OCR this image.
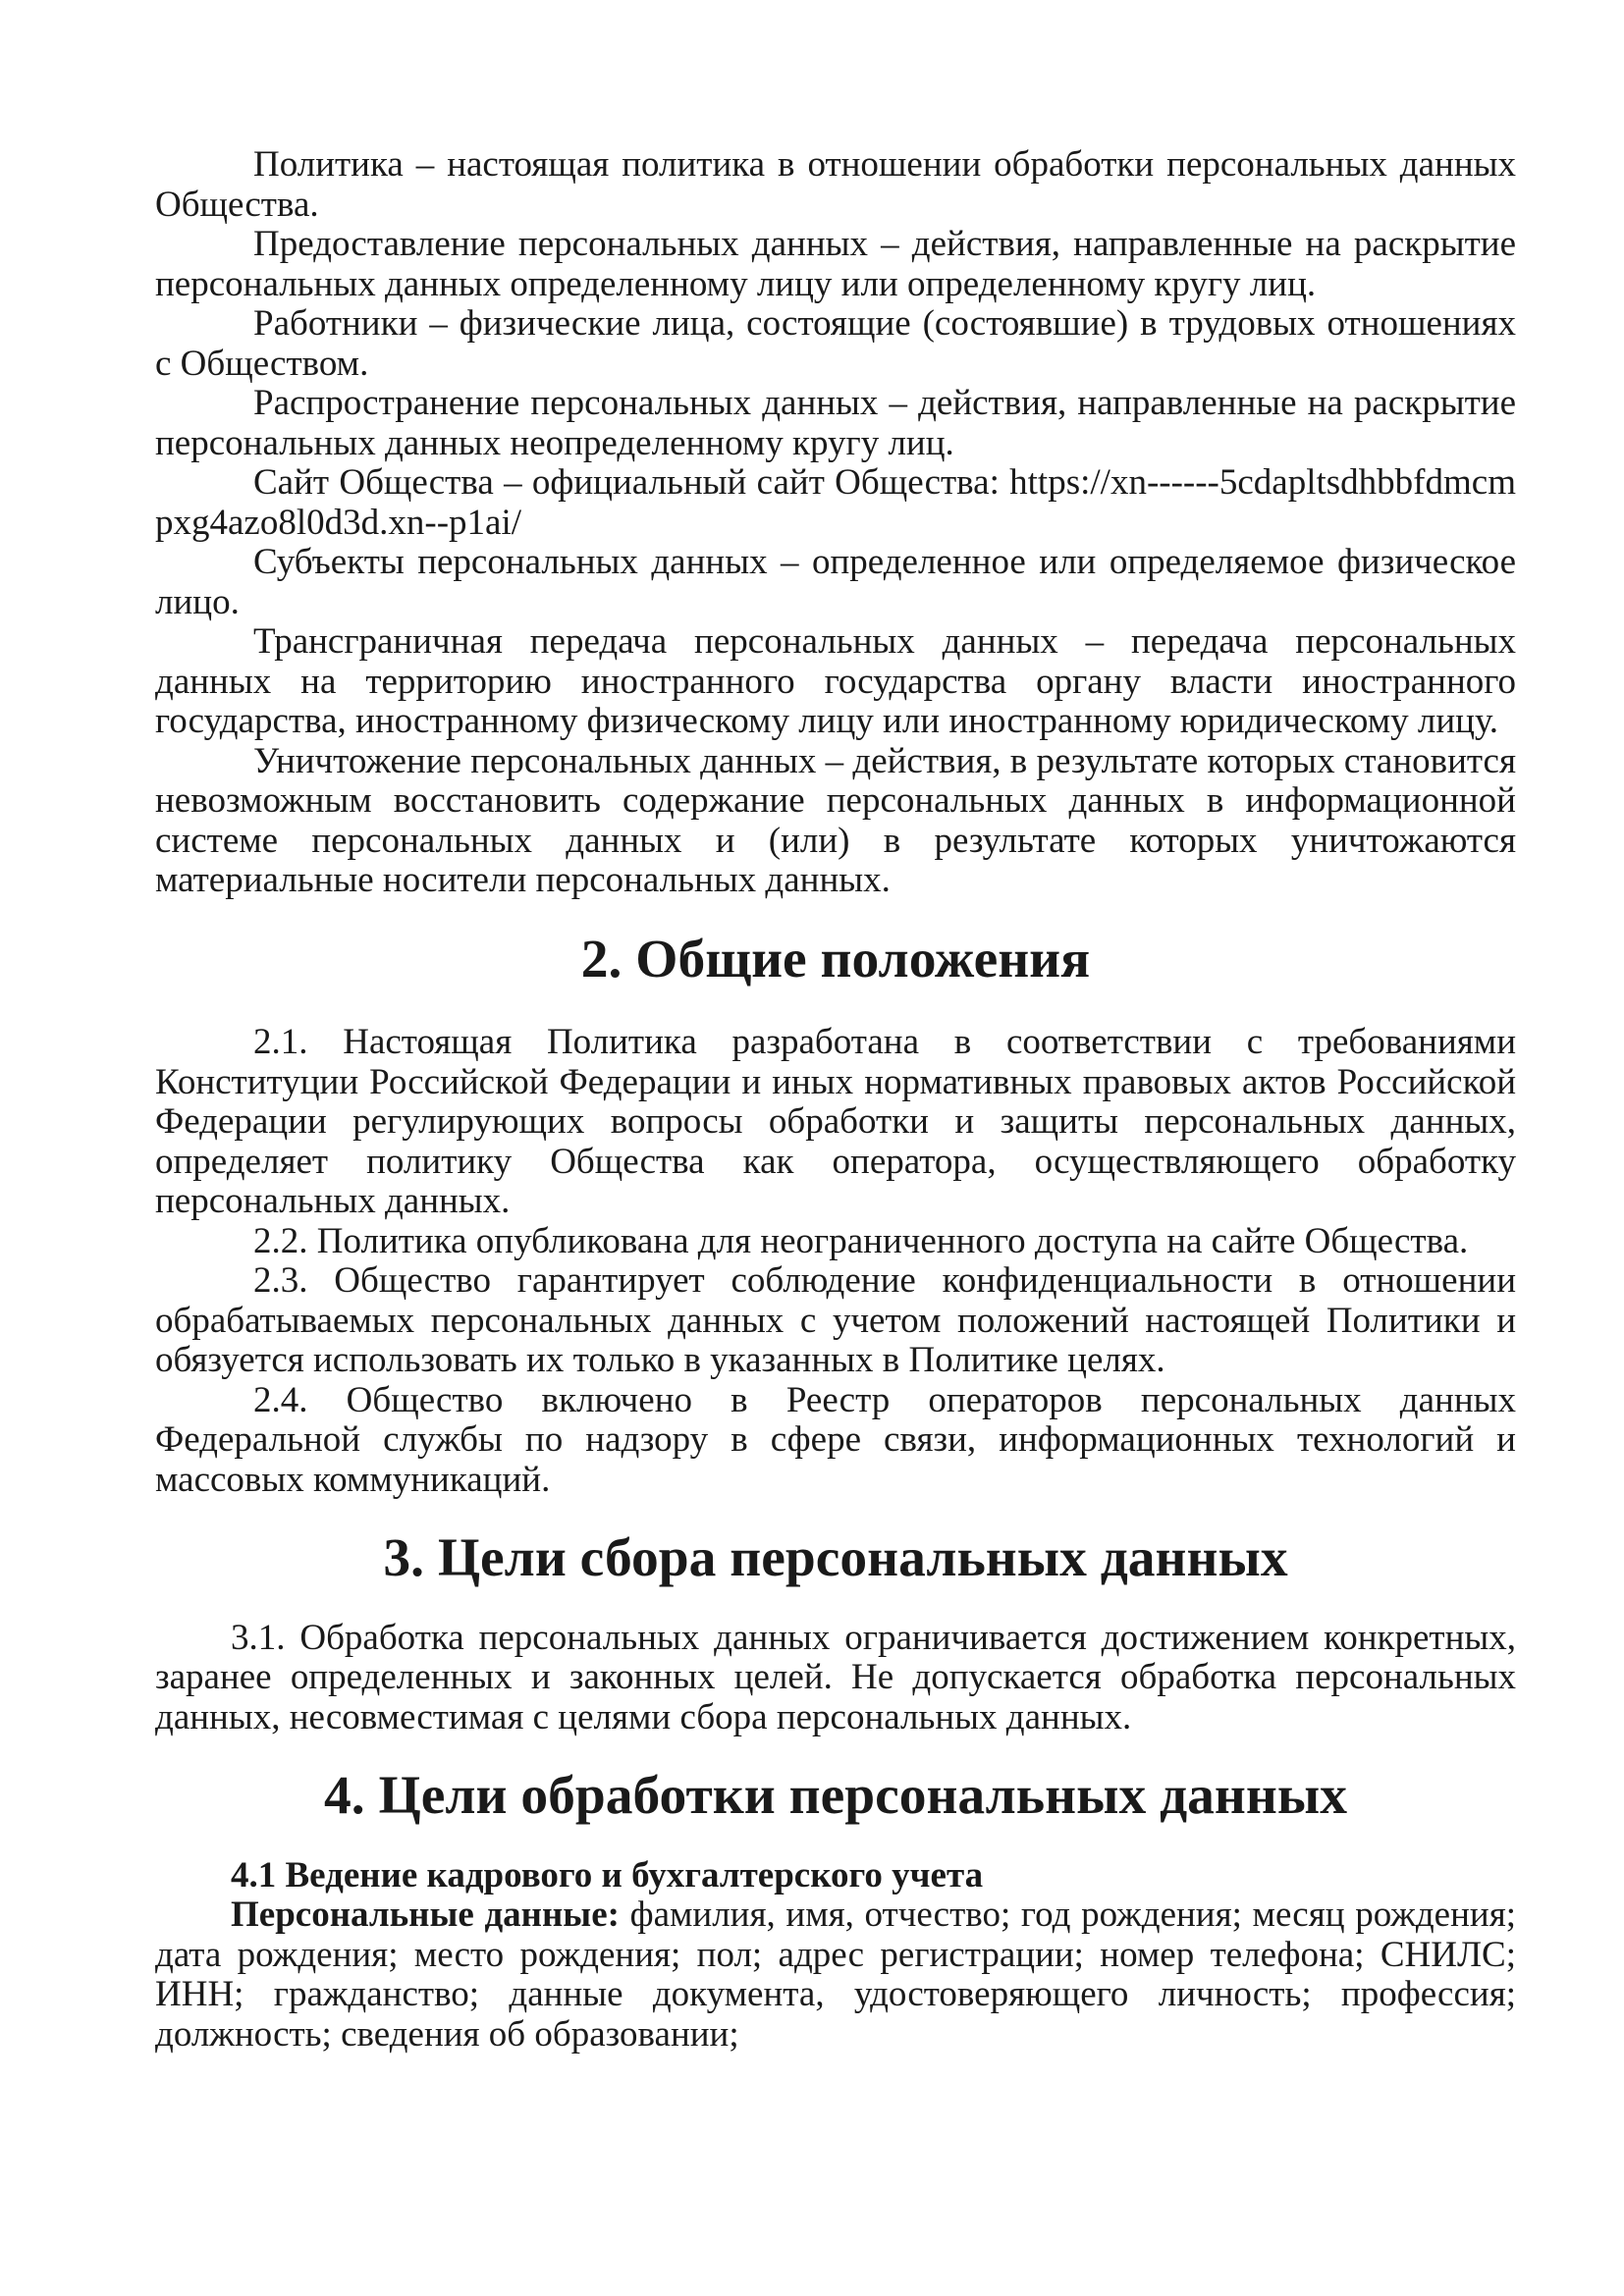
Политика – настоящая политика в отношении обработки персональных данных Общества.

Предоставление персональных данных – действия, направленные на раскрытие персональных данных определенному лицу или определенному кругу лиц.

Работники – физические лица, состоящие (состоявшие) в трудовых отношениях с Обществом.

Распространение персональных данных – действия, направленные на раскрытие персональных данных неопределенному кругу лиц.

Сайт Общества – официальный сайт Общества: https://xn------5cdapltsdhbbfdmcmpxg4azo8l0d3d.xn--p1ai/

Субъекты персональных данных – определенное или определяемое физическое лицо.

Трансграничная передача персональных данных – передача персональных данных на территорию иностранного государства органу власти иностранного государства, иностранному физическому лицу или иностранному юридическому лицу.

Уничтожение персональных данных – действия, в результате которых становится невозможным восстановить содержание персональных данных в информационной системе персональных данных и (или) в результате которых уничтожаются материальные носители персональных данных.

2. Общие положения

2.1. Настоящая Политика разработана в соответствии с требованиями Конституции Российской Федерации и иных нормативных правовых актов Российской Федерации регулирующих вопросы обработки и защиты персональных данных, определяет политику Общества как оператора, осуществляющего обработку персональных данных.

2.2. Политика опубликована для неограниченного доступа на сайте Общества.

2.3. Общество гарантирует соблюдение конфиденциальности в отношении обрабатываемых персональных данных с учетом положений настоящей Политики и обязуется использовать их только в указанных в Политике целях.

2.4. Общество включено в Реестр операторов персональных данных Федеральной службы по надзору в сфере связи, информационных технологий и массовых коммуникаций.

3. Цели сбора персональных данных

3.1. Обработка персональных данных ограничивается достижением конкретных, заранее определенных и законных целей. Не допускается обработка персональных данных, несовместимая с целями сбора персональных данных.

4. Цели обработки персональных данных

4.1 Ведение кадрового и бухгалтерского учета

Персональные данные: фамилия, имя, отчество; год рождения; месяц рождения; дата рождения; место рождения; пол; адрес регистрации; номер телефона; СНИЛС; ИНН; гражданство; данные документа, удостоверяющего личность; профессия; должность; сведения об образовании;
